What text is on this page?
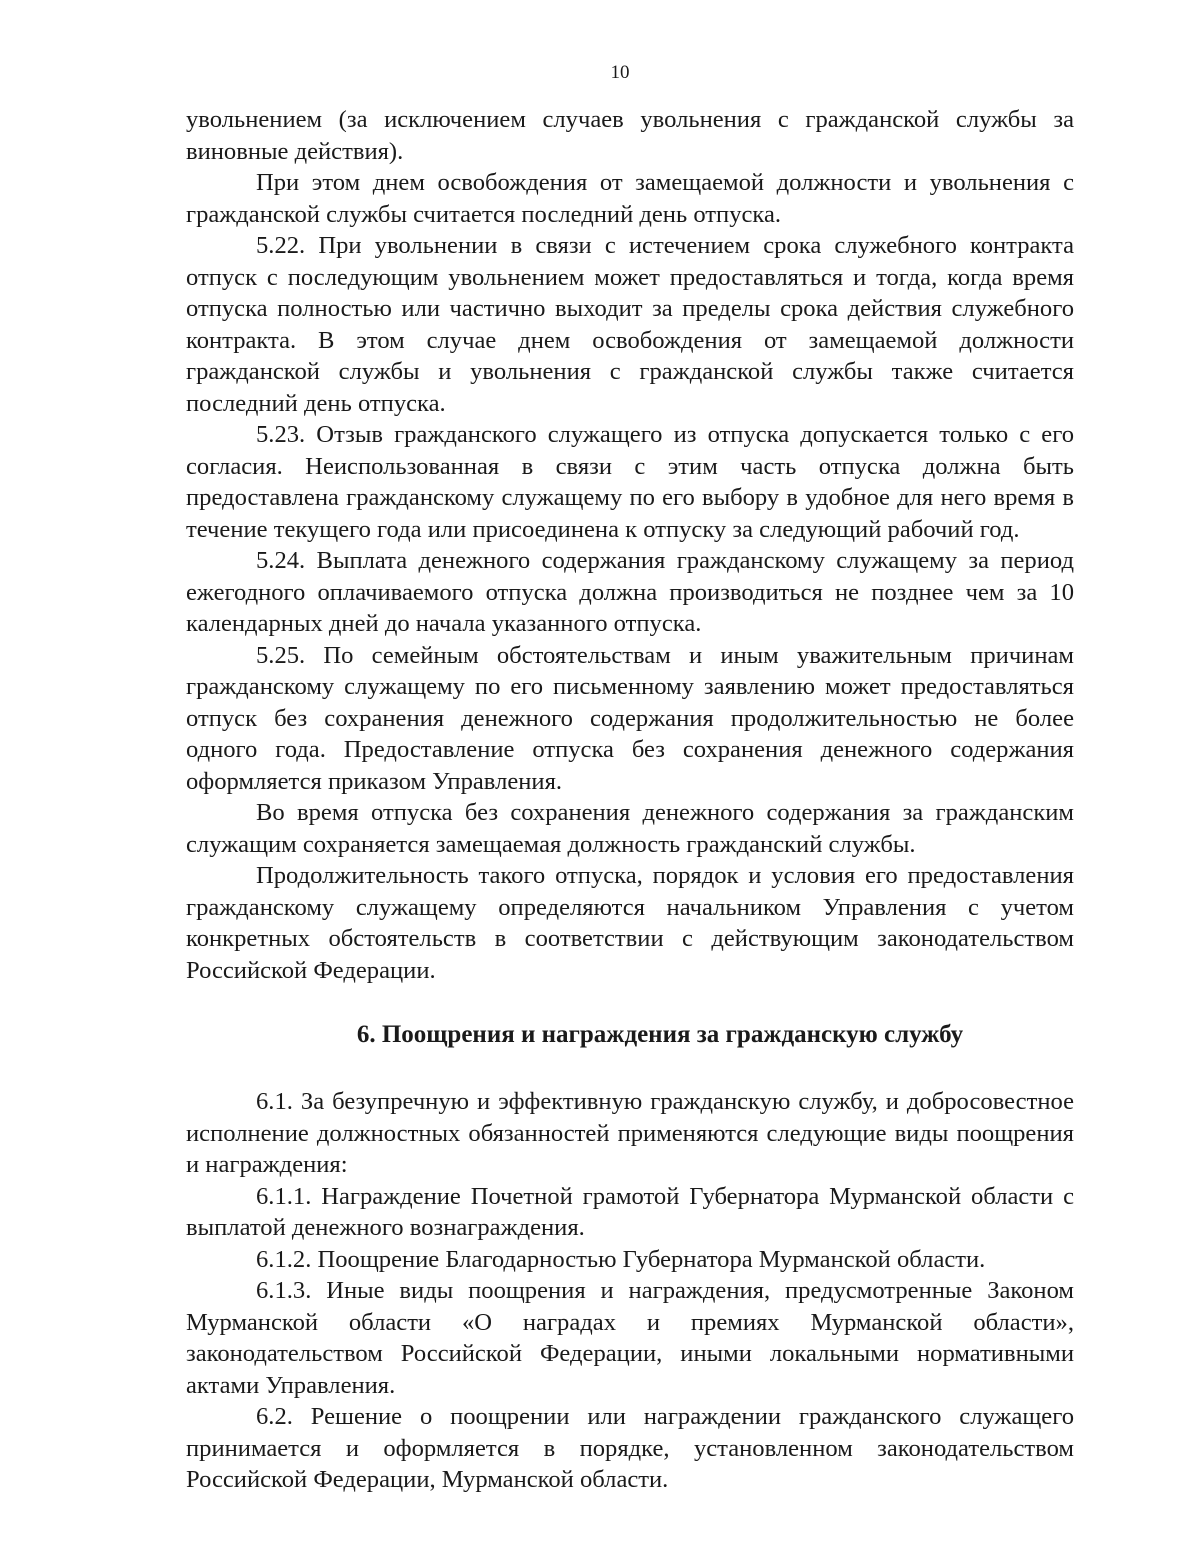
10

увольнением (за исключением случаев увольнения с гражданской службы за виновные действия).

При этом днем освобождения от замещаемой должности и увольнения с гражданской службы считается последний день отпуска.

5.22. При увольнении в связи с истечением срока служебного контракта отпуск с последующим увольнением может предоставляться и тогда, когда время отпуска полностью или частично выходит за пределы срока действия служебного контракта. В этом случае днем освобождения от замещаемой должности гражданской службы и увольнения с гражданской службы также считается последний день отпуска.

5.23. Отзыв гражданского служащего из отпуска допускается только с его согласия. Неиспользованная в связи с этим часть отпуска должна быть предоставлена гражданскому служащему по его выбору в удобное для него время в течение текущего года или присоединена к отпуску за следующий рабочий год.

5.24. Выплата денежного содержания гражданскому служащему за период ежегодного оплачиваемого отпуска должна производиться не позднее чем за 10 календарных дней до начала указанного отпуска.

5.25. По семейным обстоятельствам и иным уважительным причинам гражданскому служащему по его письменному заявлению может предоставляться отпуск без сохранения денежного содержания продолжительностью не более одного года. Предоставление отпуска без сохранения денежного содержания оформляется приказом Управления.

Во время отпуска без сохранения денежного содержания за гражданским служащим сохраняется замещаемая должность гражданский службы.

Продолжительность такого отпуска, порядок и условия его предоставления гражданскому служащему определяются начальником Управления с учетом конкретных обстоятельств в соответствии с действующим законодательством Российской Федерации.

6. Поощрения и награждения за гражданскую службу

6.1. За безупречную и эффективную гражданскую службу, и добросовестное исполнение должностных обязанностей применяются следующие виды поощрения и награждения:

6.1.1. Награждение Почетной грамотой Губернатора Мурманской области с выплатой денежного вознаграждения.

6.1.2. Поощрение Благодарностью Губернатора Мурманской области.

6.1.3. Иные виды поощрения и награждения, предусмотренные Законом Мурманской области «О наградах и премиях Мурманской области», законодательством Российской Федерации, иными локальными нормативными актами Управления.

6.2. Решение о поощрении или награждении гражданского служащего принимается и оформляется в порядке, установленном законодательством Российской Федерации, Мурманской области.
